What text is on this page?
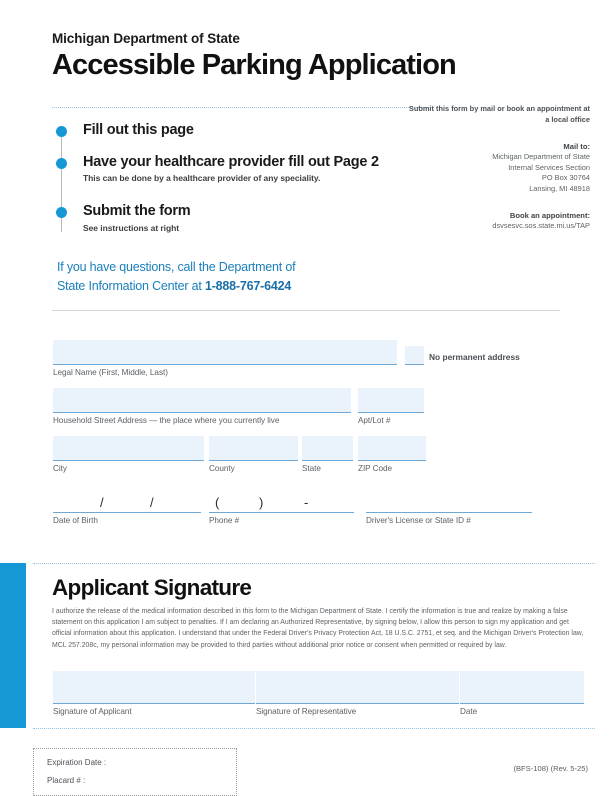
Michigan Department of State
Accessible Parking Application
Fill out this page
Have your healthcare provider fill out Page 2
This can be done by a healthcare provider of any speciality.
Submit the form
See instructions at right
If you have questions, call the Department of
State Information Center at 1-888-767-6424
Submit this form by mail or book an appointment at a local office
Mail to:
Michigan Department of State
Internal Services Section
PO Box 30764
Lansing, MI 48918
Book an appointment:
dsvsesvc.sos.state.mi.us/TAP
Legal Name (First, Middle, Last)
No permanent address
Household Street Address — the place where you currently live	Apt/Lot #
City	County	State	ZIP Code
/	/
Date of Birth
(	)	-
Phone #	Driver's License or State ID #
Applicant Signature
I authorize the release of the medical information described in this form to the Michigan Department of State. I certify the information is true and realize by making a false statement on this application I am subject to penalties. If I am declaring an Authorized Representative, by signing below, I allow this person to sign my application and get official information about this application. I understand that under the Federal Driver's Privacy Protection Act, 18 U.S.C. 2751, et seq. and the Michigan Driver's Protection law, MCL 257.208c, my personal information may be provided to third parties without additional prior notice or consent when permitted or required by law.
Signature of Applicant	Signature of Representative	Date
Expiration Date :
Placard # :
(BFS-108) (Rev. 5-25)
